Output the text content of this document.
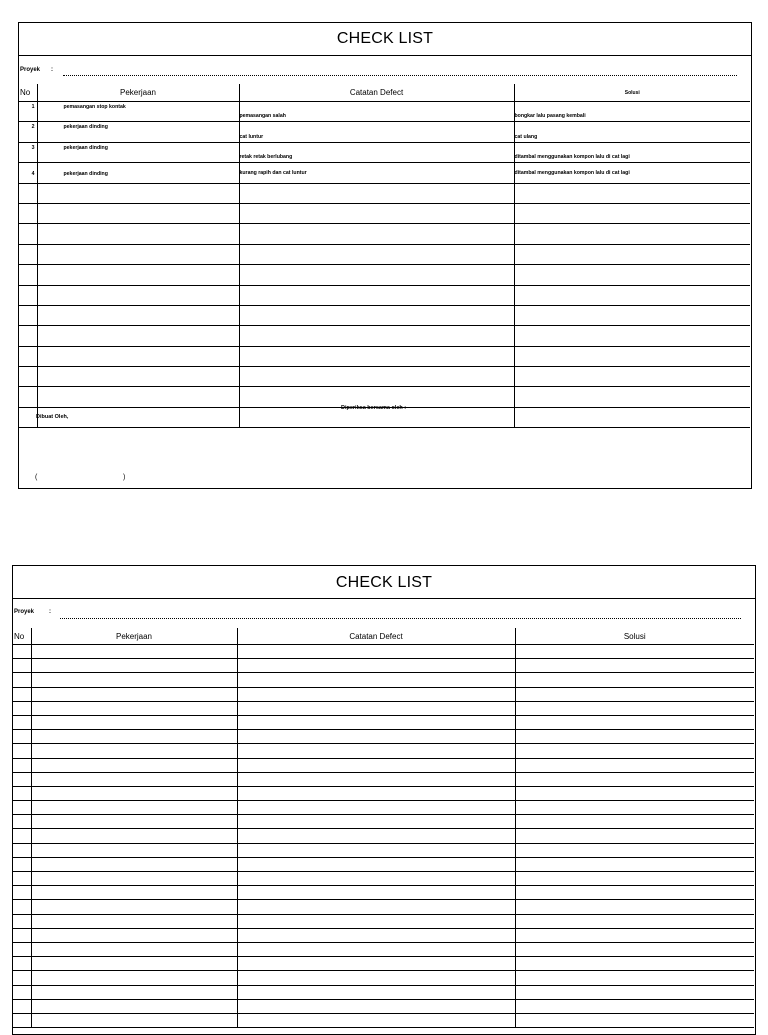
CHECK LIST
Proyek :
No	Pekerjaan	Catatan Defect	Solusi
1	pemasangan stop kontak	pemasangan salah	bongkar lalu pasang kembali
2	pekerjaan dinding	cat luntur	cat ulang
3	pekerjaan dinding	retak retak berlubang	ditambal menggunakan kompon lalu di cat lagi
4	pekerjaan dinding	kurang rapih dan cat luntur	ditambal menggunakan kompon lalu di cat lagi

Diperiksa bersama oleh :
Dibuat Oleh,
(	)
CHECK LIST
Proyek :
No	Pekerjaan	Catatan Defect	Solusi
